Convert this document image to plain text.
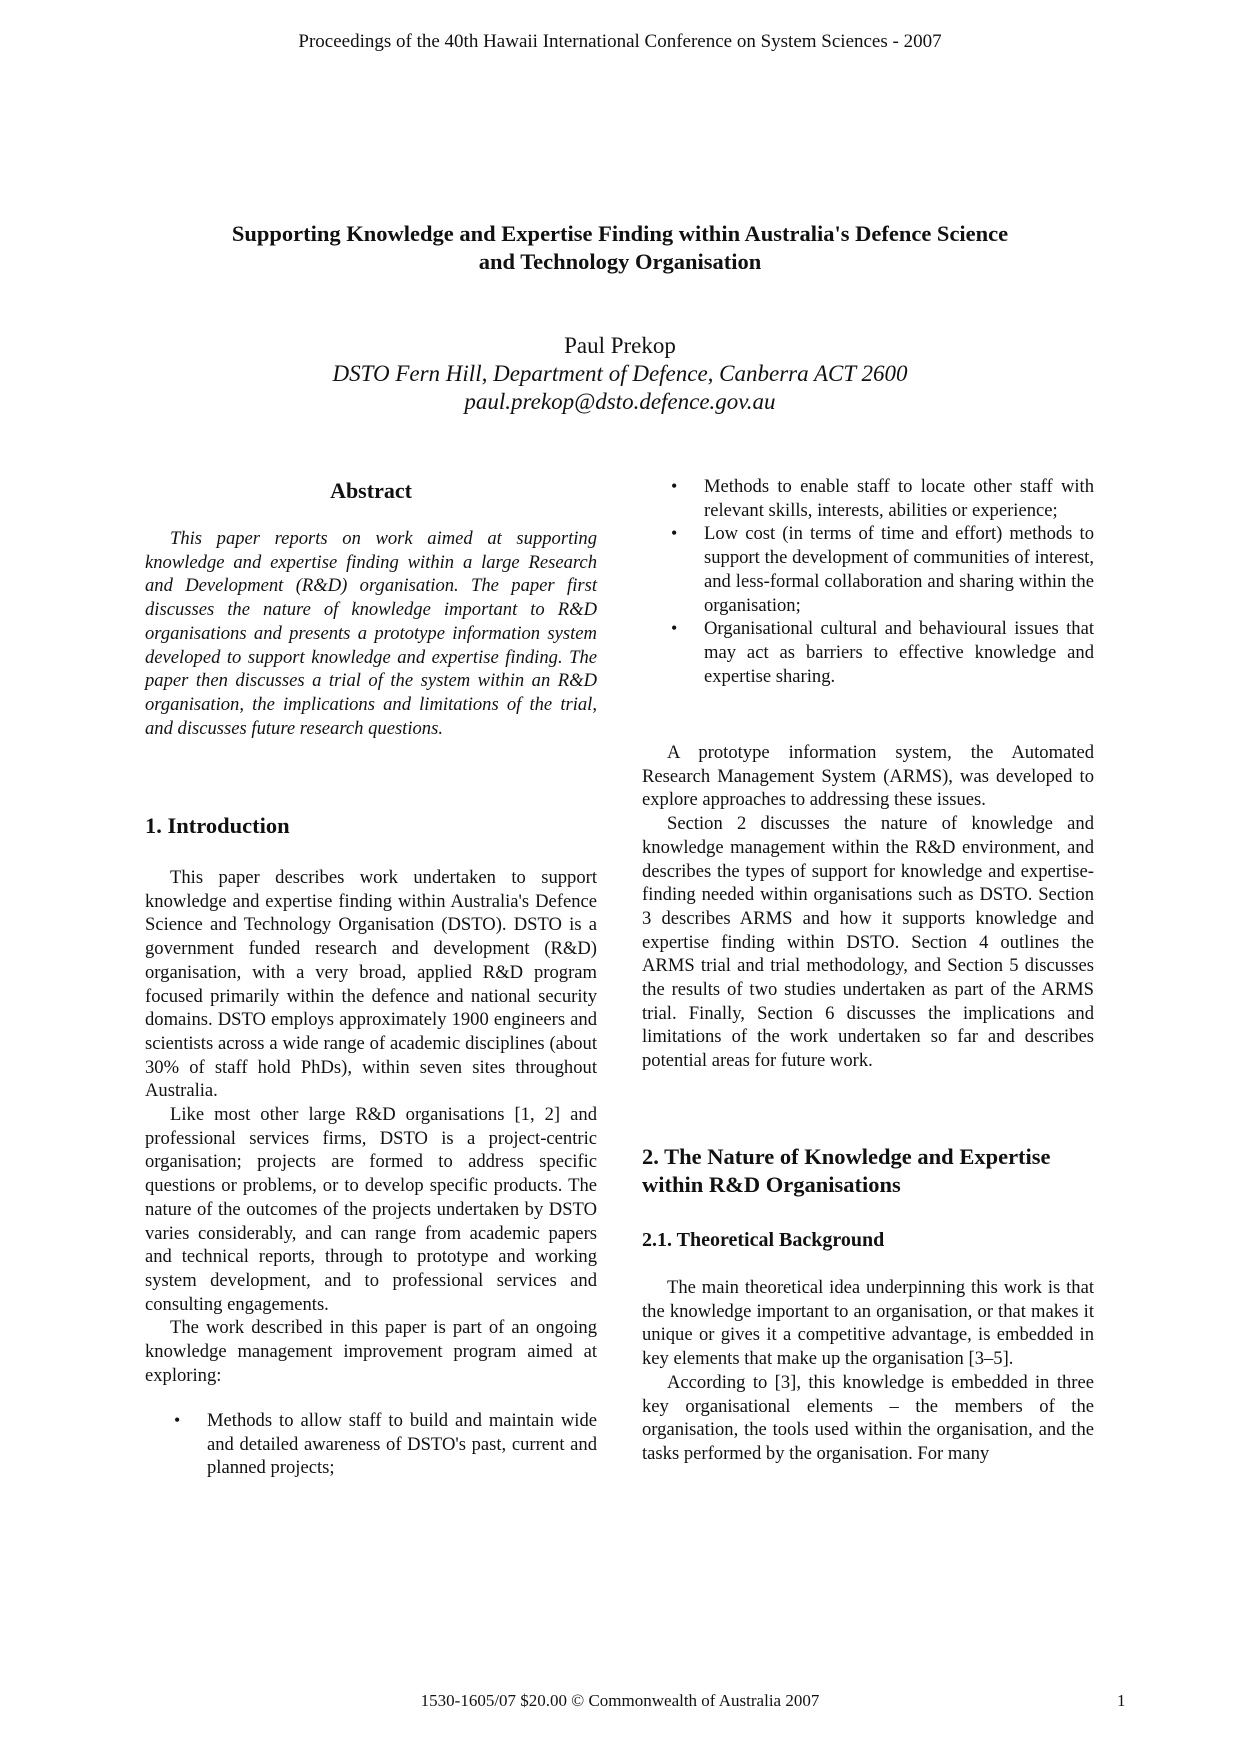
Proceedings of the 40th Hawaii International Conference on System Sciences - 2007
Supporting Knowledge and Expertise Finding within Australia's Defence Science
and Technology Organisation
Paul Prekop
DSTO Fern Hill, Department of Defence, Canberra ACT 2600
paul.prekop@dsto.defence.gov.au
Abstract

This paper reports on work aimed at supporting knowledge and expertise finding within a large Research and Development (R&D) organisation. The paper first discusses the nature of knowledge important to R&D organisations and presents a prototype information system developed to support knowledge and expertise finding. The paper then discusses a trial of the system within an R&D organisation, the implications and limitations of the trial, and discusses future research questions.

1. Introduction

This paper describes work undertaken to support knowledge and expertise finding within Australia's Defence Science and Technology Organisation (DSTO). DSTO is a government funded research and development (R&D) organisation, with a very broad, applied R&D program focused primarily within the defence and national security domains. DSTO employs approximately 1900 engineers and scientists across a wide range of academic disciplines (about 30% of staff hold PhDs), within seven sites throughout Australia.

Like most other large R&D organisations [1, 2] and professional services firms, DSTO is a project-centric organisation; projects are formed to address specific questions or problems, or to develop specific products. The nature of the outcomes of the projects undertaken by DSTO varies considerably, and can range from academic papers and technical reports, through to prototype and working system development, and to professional services and consulting engagements.

The work described in this paper is part of an ongoing knowledge management improvement program aimed at exploring:

• Methods to allow staff to build and maintain wide and detailed awareness of DSTO's past, current and planned projects;
• Methods to enable staff to locate other staff with relevant skills, interests, abilities or experience;
• Low cost (in terms of time and effort) methods to support the development of communities of interest, and less-formal collaboration and sharing within the organisation;
• Organisational cultural and behavioural issues that may act as barriers to effective knowledge and expertise sharing.

A prototype information system, the Automated Research Management System (ARMS), was developed to explore approaches to addressing these issues.

Section 2 discusses the nature of knowledge and knowledge management within the R&D environment, and describes the types of support for knowledge and expertise-finding needed within organisations such as DSTO. Section 3 describes ARMS and how it supports knowledge and expertise finding within DSTO. Section 4 outlines the ARMS trial and trial methodology, and Section 5 discusses the results of two studies undertaken as part of the ARMS trial. Finally, Section 6 discusses the implications and limitations of the work undertaken so far and describes potential areas for future work.

2. The Nature of Knowledge and Expertise within R&D Organisations
2.1. Theoretical Background

The main theoretical idea underpinning this work is that the knowledge important to an organisation, or that makes it unique or gives it a competitive advantage, is embedded in key elements that make up the organisation [3–5].

According to [3], this knowledge is embedded in three key organisational elements – the members of the organisation, the tools used within the organisation, and the tasks performed by the organisation. For many

1530-1605/07 $20.00 © Commonwealth of Australia 2007	1
